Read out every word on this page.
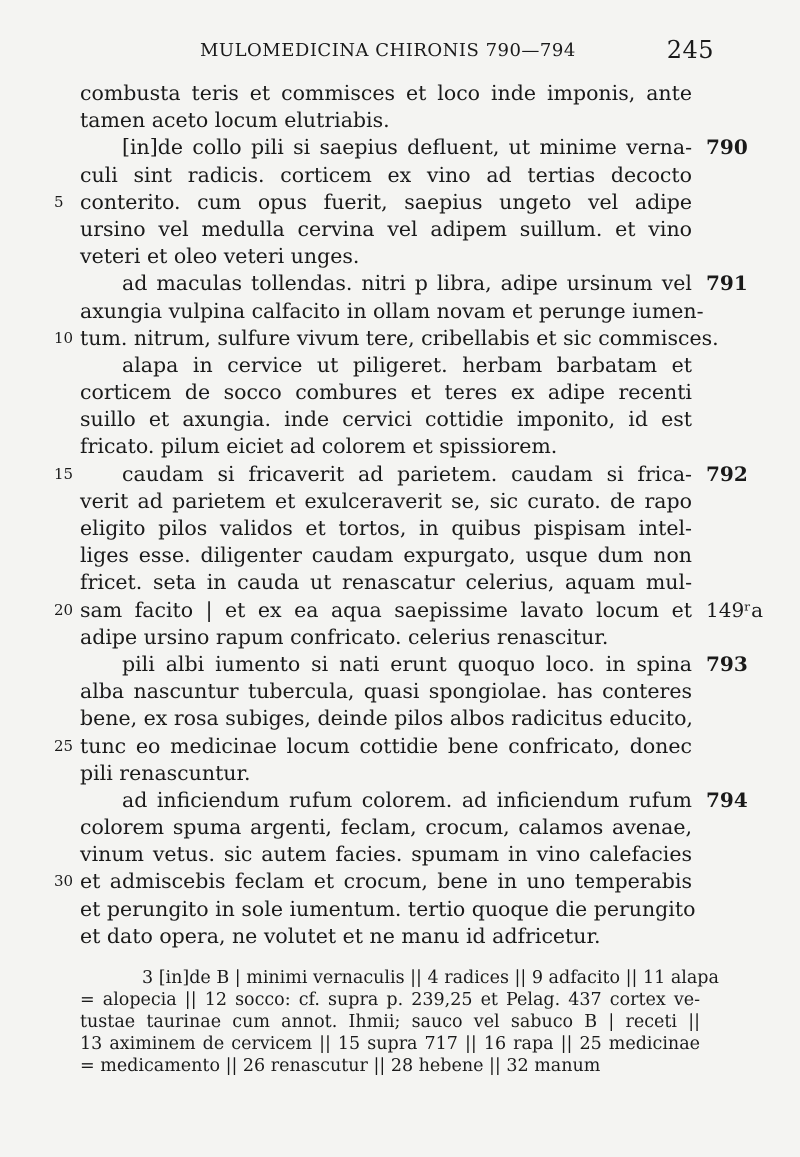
MULOMEDICINA CHIRONIS 790—794	245
combusta teris et commisces et loco inde imponis, ante
tamen aceto locum elutriabis.
[in]de collo pili si saepius defluent, ut minime verna- 790
culi sint radicis. corticem ex vino ad tertias decocto
5 conterito. cum opus fuerit, saepius ungeto vel adipe
ursino vel medulla cervina vel adipem suillum. et vino
veteri et oleo veteri unges.
ad maculas tollendas. nitri p libra, adipe ursinum vel 791
axungia vulpina calfacito in ollam novam et perunge iumen-
10 tum. nitrum, sulfure vivum tere, cribellabis et sic commisces.
alapa in cervice ut piligeret. herbam barbatam et
corticem de socco combures et teres ex adipe recenti
suillo et axungia. inde cervici cottidie imponito, id est
fricato. pilum eiciet ad colorem et spissiorem.
15 caudam si fricaverit ad parietem. caudam si frica- 792
verit ad parietem et exulceraverit se, sic curato. de rapo
eligito pilos validos et tortos, in quibus pispisam intel-
liges esse. diligenter caudam expurgato, usque dum non
fricet. seta in cauda ut renascatur celerius, aquam mul-
20 sam facito | et ex ea aqua saepissime lavato locum et 149ʳa
adipe ursino rapum confricato. celerius renascitur.
pili albi iumento si nati erunt quoquo loco. in spina 793
alba nascuntur tubercula, quasi spongiolae. has conteres
bene, ex rosa subiges, deinde pilos albos radicitus educito,
25 tunc eo medicinae locum cottidie bene confricato, donec
pili renascuntur.
ad inficiendum rufum colorem. ad inficiendum rufum 794
colorem spuma argenti, feclam, crocum, calamos avenae,
vinum vetus. sic autem facies. spumam in vino calefacies
30 et admiscebis feclam et crocum, bene in uno temperabis
et perungito in sole iumentum. tertio quoque die perungito
et dato opera, ne volutet et ne manu id adfricetur.
3 [in]de B | minimi vernaculis || 4 radices || 9 adfacito || 11 alapa
= alopecia || 12 socco: cf. supra p. 239,25 et Pelag. 437 cortex ve-
tustae taurinae cum annot. Ihmii; sauco vel sabuco B | receti ||
13 aximinem de cervicem || 15 supra 717 || 16 rapa || 25 medicinae
= medicamento || 26 renascutur || 28 hebene || 32 manum
